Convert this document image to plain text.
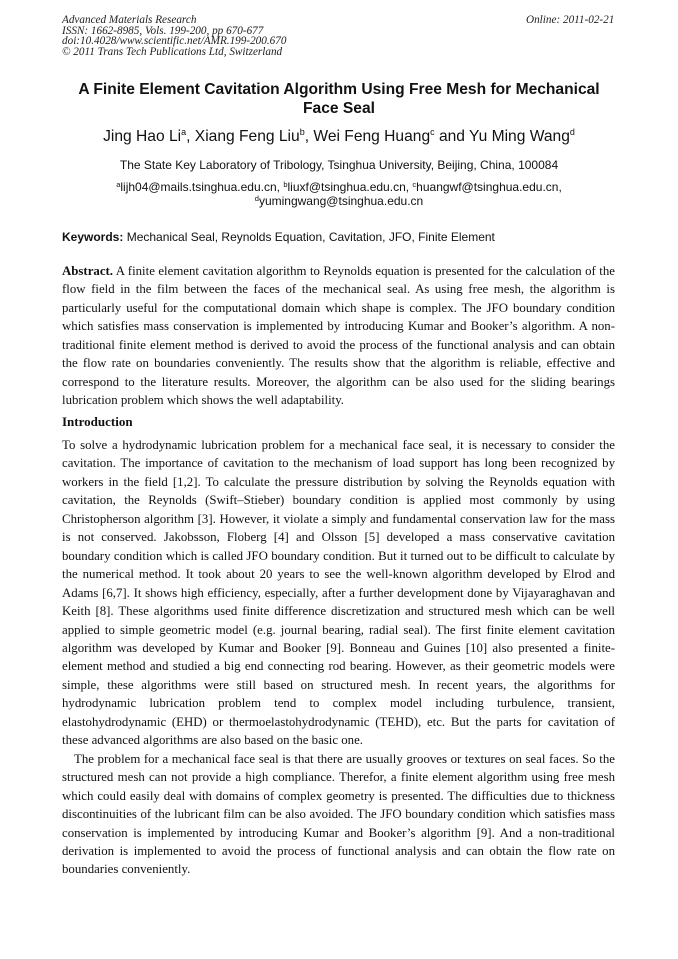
Advanced Materials Research
ISSN: 1662-8985, Vols. 199-200, pp 670-677
doi:10.4028/www.scientific.net/AMR.199-200.670
© 2011 Trans Tech Publications Ltd, Switzerland
Online: 2011-02-21
A Finite Element Cavitation Algorithm Using Free Mesh for Mechanical Face Seal
Jing Hao Li$^a$, Xiang Feng Liu$^b$, Wei Feng Huang$^c$ and Yu Ming Wang$^d$
The State Key Laboratory of Tribology, Tsinghua University, Beijing, China, 100084
$^a$lijh04@mails.tsinghua.edu.cn, $^b$liuxf@tsinghua.edu.cn, $^c$huangwf@tsinghua.edu.cn,
$^d$yumingwang@tsinghua.edu.cn
Keywords: Mechanical Seal, Reynolds Equation, Cavitation, JFO, Finite Element
Abstract. A finite element cavitation algorithm to Reynolds equation is presented for the calculation of the flow field in the film between the faces of the mechanical seal. As using free mesh, the algorithm is particularly useful for the computational domain which shape is complex. The JFO boundary condition which satisfies mass conservation is implemented by introducing Kumar and Booker’s algorithm. A non-traditional finite element method is derived to avoid the process of the functional analysis and can obtain the flow rate on boundaries conveniently. The results show that the algorithm is reliable, effective and correspond to the literature results. Moreover, the algorithm can be also used for the sliding bearings lubrication problem which shows the well adaptability.
Introduction

To solve a hydrodynamic lubrication problem for a mechanical face seal, it is necessary to consider the cavitation. The importance of cavitation to the mechanism of load support has long been recognized by workers in the field [1,2]. To calculate the pressure distribution by solving the Reynolds equation with cavitation, the Reynolds (Swift–Stieber) boundary condition is applied most commonly by using Christopherson algorithm [3]. However, it violate a simply and fundamental conservation law for the mass is not conserved. Jakobsson, Floberg [4] and Olsson [5] developed a mass conservative cavitation boundary condition which is called JFO boundary condition. But it turned out to be difficult to calculate by the numerical method. It took about 20 years to see the well-known algorithm developed by Elrod and Adams [6,7]. It shows high efficiency, especially, after a further development done by Vijayaraghavan and Keith [8]. These algorithms used finite difference discretization and structured mesh which can be well applied to simple geometric model (e.g. journal bearing, radial seal). The first finite element cavitation algorithm was developed by Kumar and Booker [9]. Bonneau and Guines [10] also presented a finite-element method and studied a big end connecting rod bearing. However, as their geometric models were simple, these algorithms were still based on structured mesh. In recent years, the algorithms for hydrodynamic lubrication problem tend to complex model including turbulence, transient, elastohydrodynamic (EHD) or thermoelastohydrodynamic (TEHD), etc. But the parts for cavitation of these advanced algorithms are also based on the basic one.

The problem for a mechanical face seal is that there are usually grooves or textures on seal faces. So the structured mesh can not provide a high compliance. Therefor, a finite element algorithm using free mesh which could easily deal with domains of complex geometry is presented. The difficulties due to thickness discontinuities of the lubricant film can be also avoided. The JFO boundary condition which satisfies mass conservation is implemented by introducing Kumar and Booker’s algorithm [9]. And a non-traditional derivation is implemented to avoid the process of functional analysis and can obtain the flow rate on boundaries conveniently.
